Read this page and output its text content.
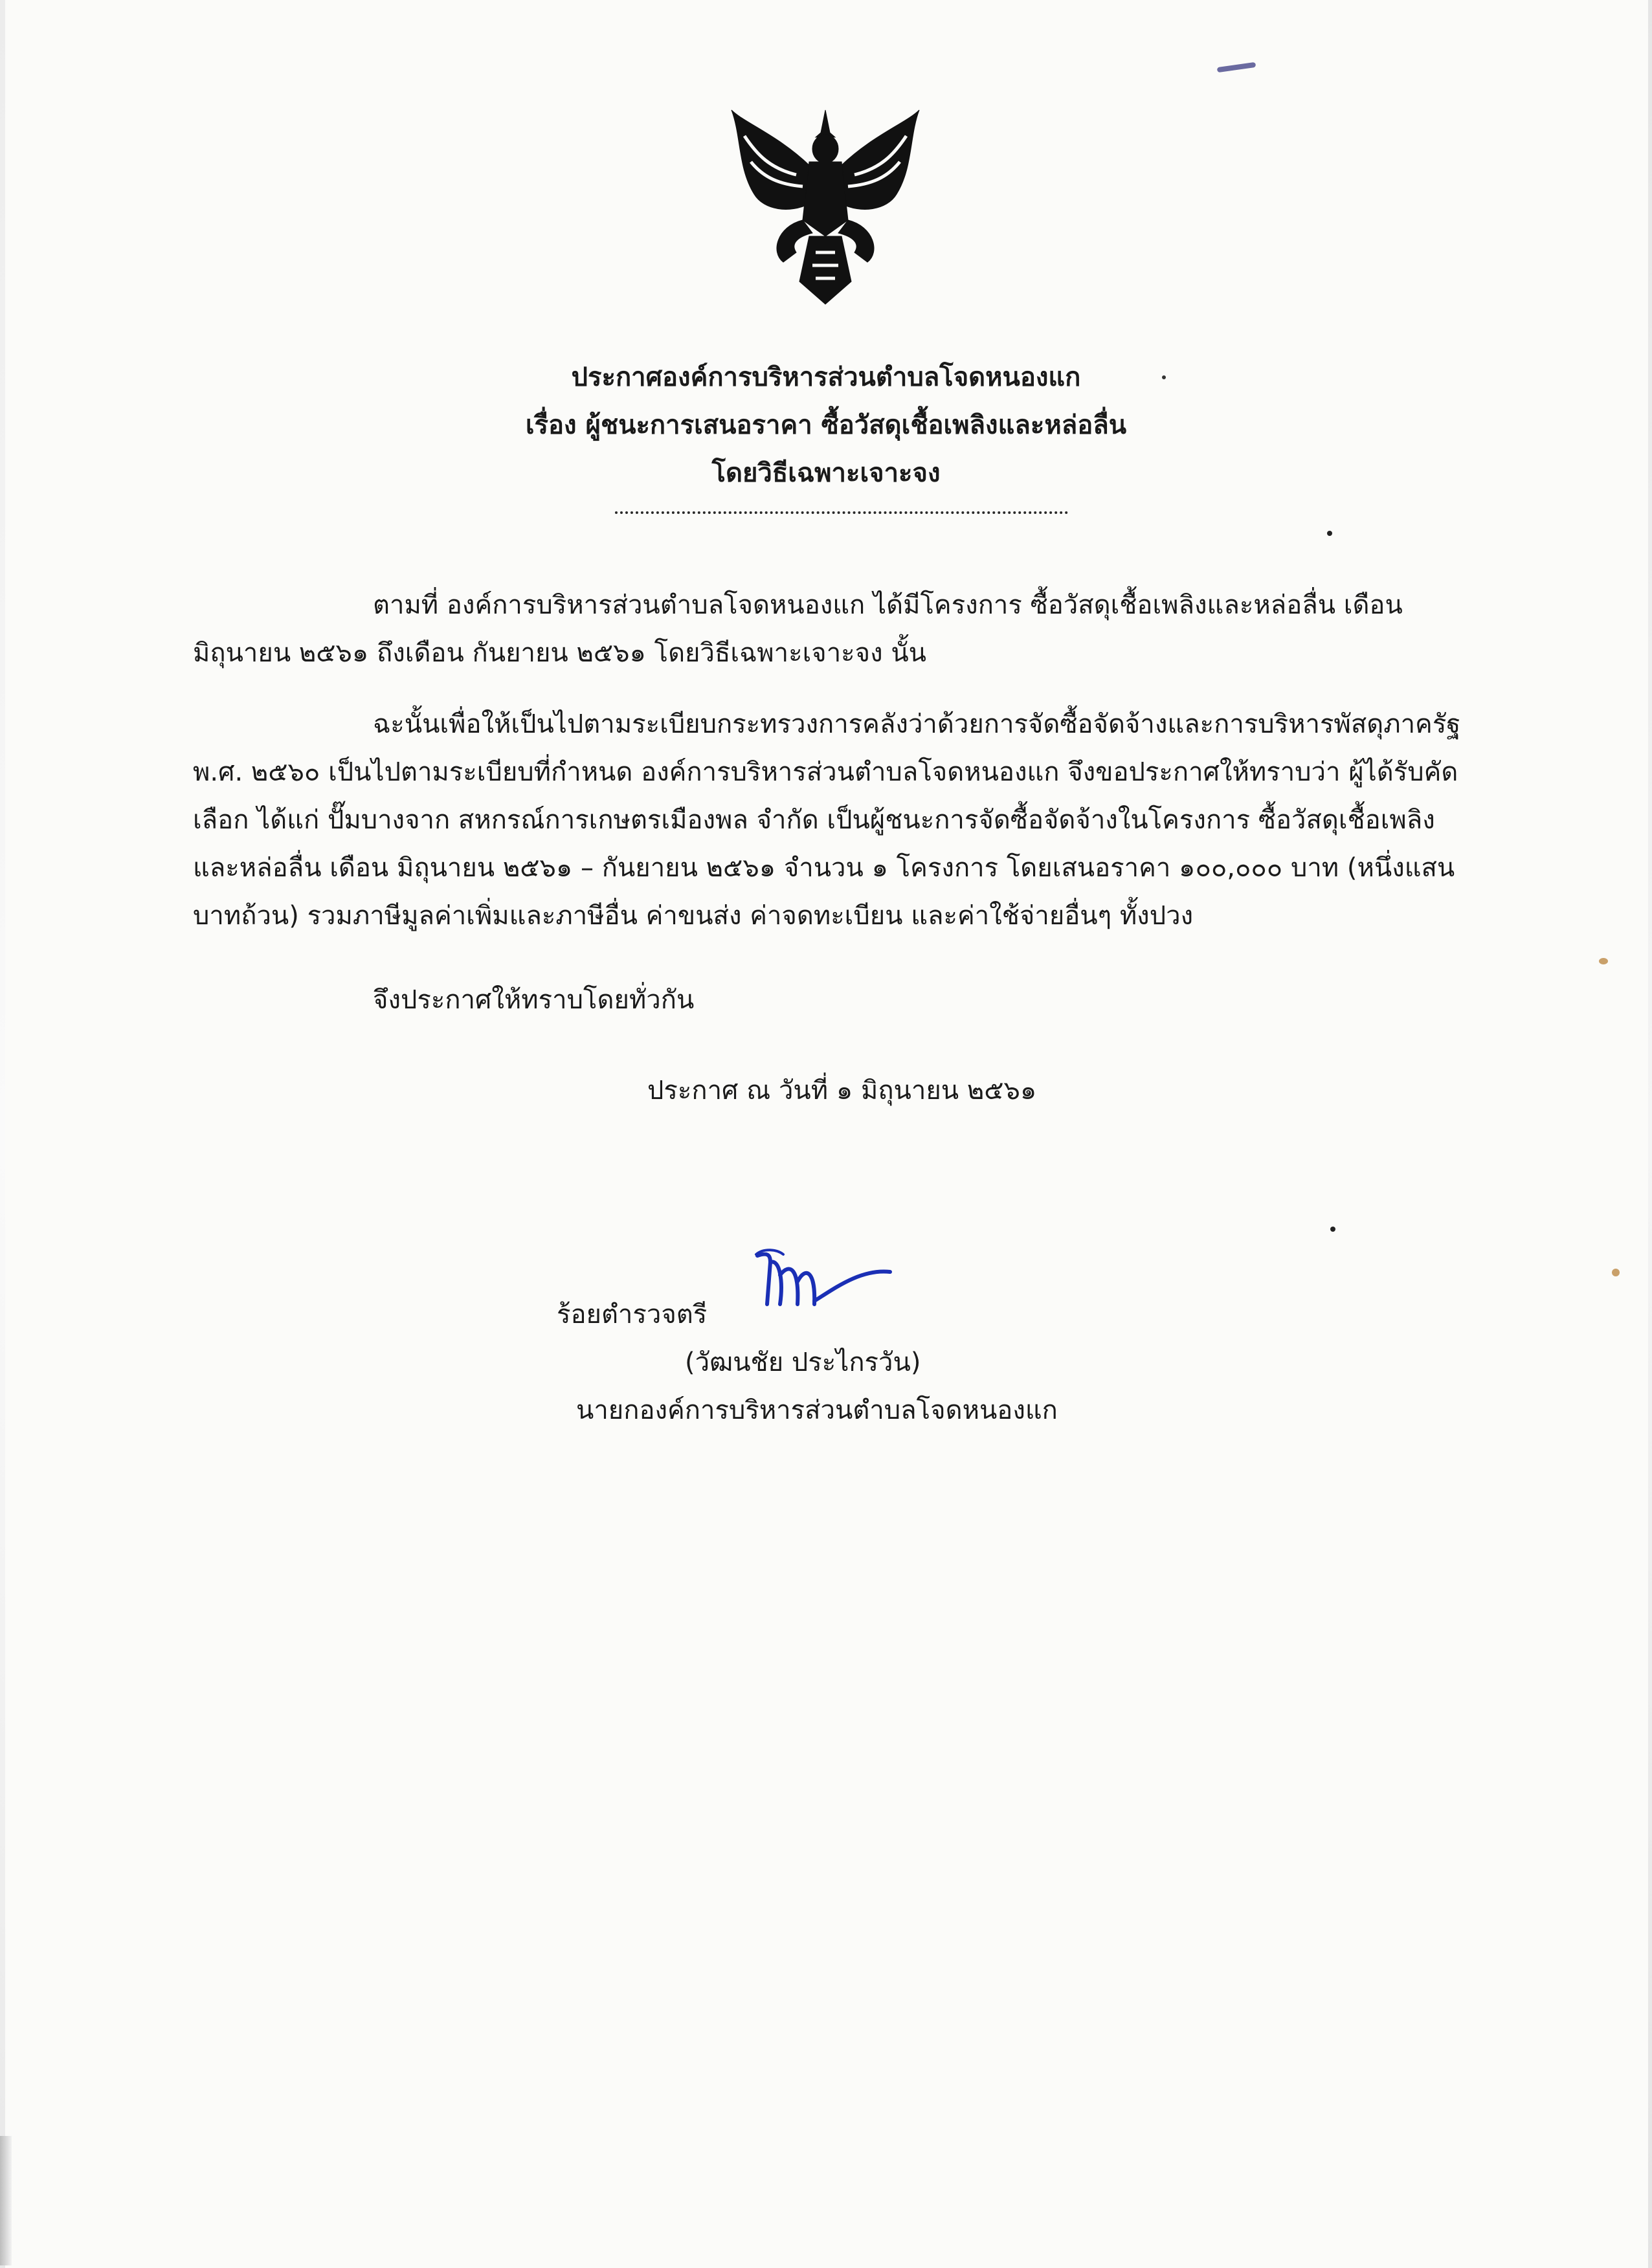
ประกาศองค์การบริหารส่วนตำบลโจดหนองแก
เรื่อง ผู้ชนะการเสนอราคา ซื้อวัสดุเชื้อเพลิงและหล่อลื่น
โดยวิธีเฉพาะเจาะจง
ตามที่ องค์การบริหารส่วนตำบลโจดหนองแก ได้มีโครงการ ซื้อวัสดุเชื้อเพลิงและหล่อลื่น เดือน มิถุนายน ๒๕๖๑ ถึงเดือน กันยายน ๒๕๖๑ โดยวิธีเฉพาะเจาะจง นั้น
ฉะนั้นเพื่อให้เป็นไปตามระเบียบกระทรวงการคลังว่าด้วยการจัดซื้อจัดจ้างและการบริหารพัสดุภาครัฐ พ.ศ. ๒๕๖๐ เป็นไปตามระเบียบที่กำหนด องค์การบริหารส่วนตำบลโจดหนองแก จึงขอประกาศให้ทราบว่า ผู้ได้รับคัดเลือก ได้แก่ ปั๊มบางจาก สหกรณ์การเกษตรเมืองพล จำกัด เป็นผู้ชนะการจัดซื้อจัดจ้างในโครงการ ซื้อวัสดุเชื้อเพลิงและหล่อลื่น เดือน มิถุนายน ๒๕๖๑ – กันยายน ๒๕๖๑ จำนวน ๑ โครงการ โดยเสนอราคา ๑๐๐,๐๐๐ บาท (หนึ่งแสนบาทถ้วน) รวมภาษีมูลค่าเพิ่มและภาษีอื่น ค่าขนส่ง ค่าจดทะเบียน และค่าใช้จ่ายอื่นๆ ทั้งปวง
จึงประกาศให้ทราบโดยทั่วกัน
ประกาศ ณ วันที่ ๑ มิถุนายน ๒๕๖๑
ร้อยตำรวจตรี
(วัฒนชัย ประไกรวัน)
นายกองค์การบริหารส่วนตำบลโจดหนองแก
